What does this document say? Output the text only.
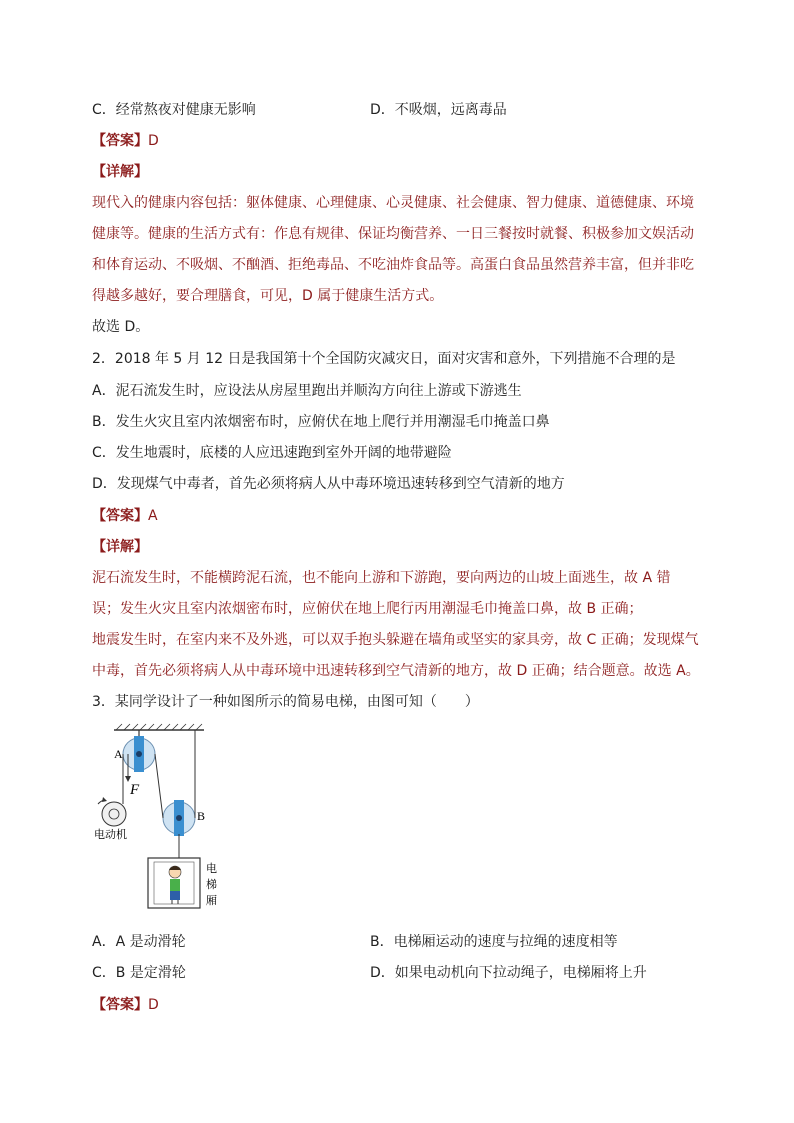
C．经常熬夜对健康无影响	D．不吸烟，远离毒品
【答案】D
【详解】
现代入的健康内容包括：躯体健康、心理健康、心灵健康、社会健康、智力健康、道德健康、环境
健康等。健康的生活方式有：作息有规律、保证均衡营养、一日三餐按时就餐、积极参加文娱活动
和体育运动、不吸烟、不酗酒、拒绝毒品、不吃油炸食品等。高蛋白食品虽然营养丰富，但并非吃
得越多越好，要合理膳食，可见，D 属于健康生活方式。
故选 D。
2．2018 年 5 月 12 日是我国第十个全国防灾减灾日，面对灾害和意外，下列措施不合理的是
A．泥石流发生时，应设法从房屋里跑出并顺沟方向往上游或下游逃生
B．发生火灾且室内浓烟密布时，应俯伏在地上爬行并用潮湿毛巾掩盖口鼻
C．发生地震时，底楼的人应迅速跑到室外开阔的地带避险
D．发现煤气中毒者，首先必须将病人从中毒环境迅速转移到空气清新的地方
【答案】A
【详解】
泥石流发生时，不能横跨泥石流，也不能向上游和下游跑，要向两边的山坡上面逃生，故 A 错
误；发生火灾且室内浓烟密布时，应俯伏在地上爬行丙用潮湿毛巾掩盖口鼻，故 B 正确；
地震发生时，在室内来不及外逃，可以双手抱头躲避在墙角或坚实的家具旁，故 C 正确；发现煤气
中毒，首先必须将病人从中毒环境中迅速转移到空气清新的地方，故 D 正确；结合题意。故选 A。
3．某同学设计了一种如图所示的简易电梯，由图可知（　　）
A
B
F
电动机
电
梯
厢
A．A 是动滑轮	B．电梯厢运动的速度与拉绳的速度相等
C．B 是定滑轮	D．如果电动机向下拉动绳子，电梯厢将上升
【答案】D
